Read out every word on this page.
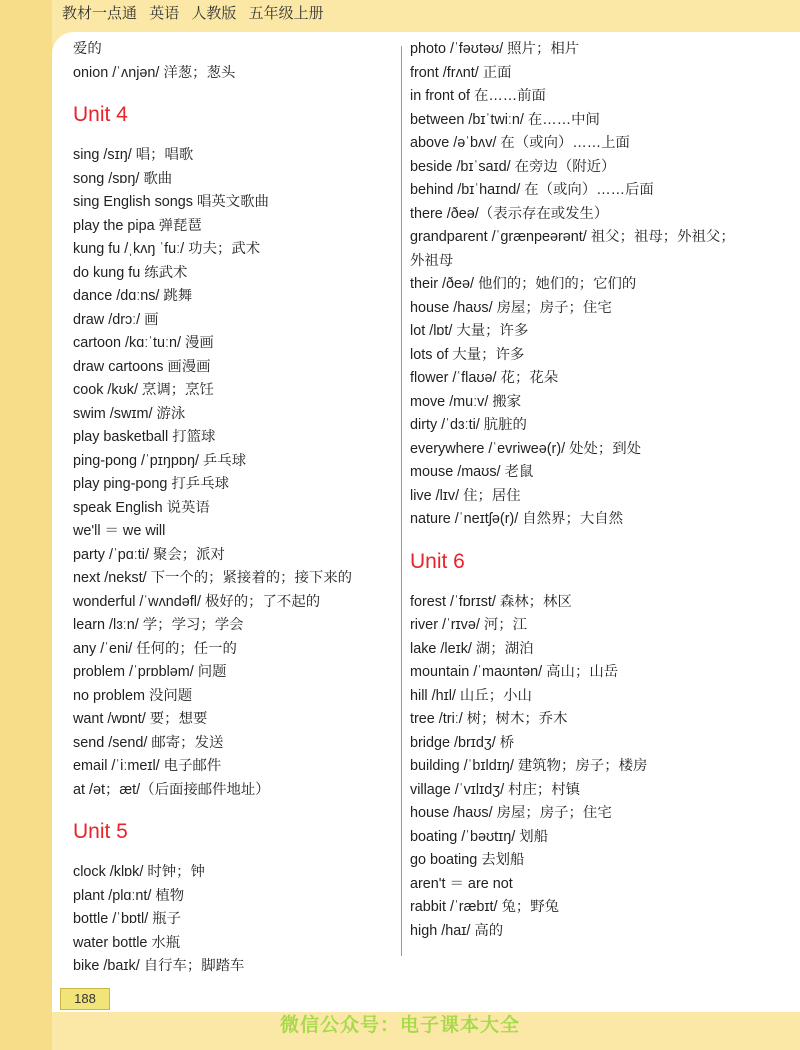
教材一点通 英语 人教版 五年级上册
爱的
onion /ˈʌnjən/ 洋葱；葱头
Unit 4
sing /sɪŋ/ 唱；唱歌
song /sɒŋ/ 歌曲
sing English songs 唱英文歌曲
play the pipa 弹琵琶
kung fu /ˌkʌŋ ˈfuː/ 功夫；武术
do kung fu 练武术
dance /dɑːns/ 跳舞
draw /drɔː/ 画
cartoon /kɑːˈtuːn/ 漫画
draw cartoons 画漫画
cook /kʊk/ 烹调；烹饪
swim /swɪm/ 游泳
play basketball 打篮球
ping-pong /ˈpɪŋpɒŋ/ 乒乓球
play ping-pong 打乒乓球
speak English 说英语
we'll ＝ we will
party /ˈpɑːti/ 聚会；派对
next /nekst/ 下一个的；紧接着的；接下来的
wonderful /ˈwʌndəfl/ 极好的；了不起的
learn /lɜːn/ 学；学习；学会
any /ˈeni/ 任何的；任一的
problem /ˈprɒbləm/ 问题
no problem 没问题
want /wɒnt/ 要；想要
send /send/ 邮寄；发送
email /ˈiːmeɪl/ 电子邮件
at /ət；æt/（后面接邮件地址）
Unit 5
clock /klɒk/ 时钟；钟
plant /plɑːnt/ 植物
bottle /ˈbɒtl/ 瓶子
water bottle 水瓶
bike /baɪk/ 自行车；脚踏车
photo /ˈfəʊtəʊ/ 照片；相片
front /frʌnt/ 正面
in front of 在……前面
between /bɪˈtwiːn/ 在……中间
above /əˈbʌv/ 在（或向）……上面
beside /bɪˈsaɪd/ 在旁边（附近）
behind /bɪˈhaɪnd/ 在（或向）……后面
there /ðeə/（表示存在或发生）
grandparent /ˈɡrænpeərənt/ 祖父；祖母；外祖父；外祖母
their /ðeə/ 他们的；她们的；它们的
house /haʊs/ 房屋；房子；住宅
lot /lɒt/ 大量；许多
lots of 大量；许多
flower /ˈflaʊə/ 花；花朵
move /muːv/ 搬家
dirty /ˈdɜːti/ 肮脏的
everywhere /ˈevriweə(r)/ 处处；到处
mouse /maʊs/ 老鼠
live /lɪv/ 住；居住
nature /ˈneɪtʃə(r)/ 自然界；大自然
Unit 6
forest /ˈfɒrɪst/ 森林；林区
river /ˈrɪvə/ 河；江
lake /leɪk/ 湖；湖泊
mountain /ˈmaʊntən/ 高山；山岳
hill /hɪl/ 山丘；小山
tree /triː/ 树；树木；乔木
bridge /brɪdʒ/ 桥
building /ˈbɪldɪŋ/ 建筑物；房子；楼房
village /ˈvɪlɪdʒ/ 村庄；村镇
house /haʊs/ 房屋；房子；住宅
boating /ˈbəʊtɪŋ/ 划船
go boating 去划船
aren't ＝ are not
rabbit /ˈræbɪt/ 兔；野兔
high /haɪ/ 高的
188
微信公众号：电子课本大全
